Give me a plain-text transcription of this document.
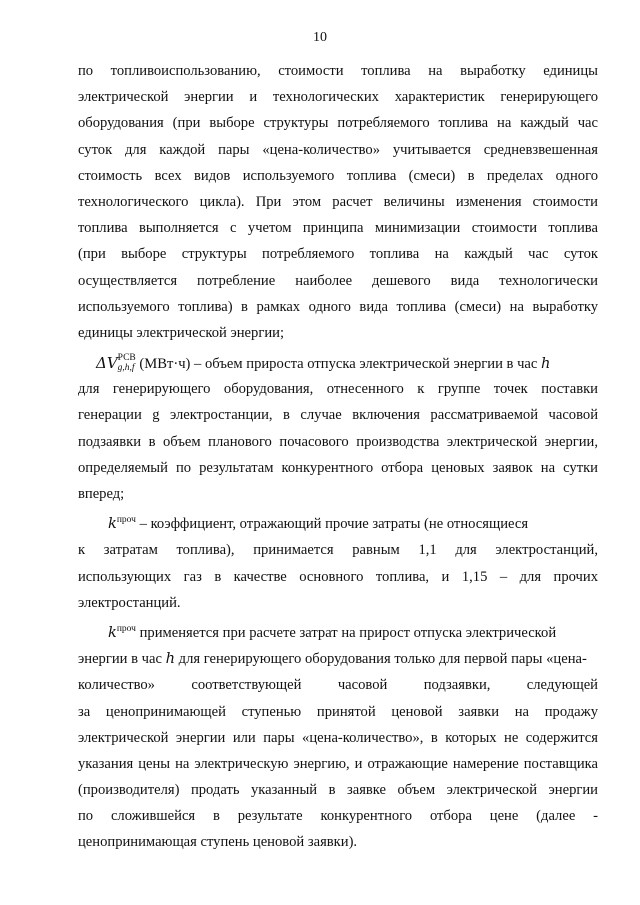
10
по топливоиспользованию, стоимости топлива на выработку единицы
электрической энергии и технологических характеристик генерирующего
оборудования (при выборе структуры потребляемого топлива на каждый час
суток для каждой пары «цена-количество» учитывается средневзвешенная
стоимость всех видов используемого топлива (смеси) в пределах одного
технологического цикла). При этом расчет величины изменения стоимости
топлива выполняется с учетом принципа минимизации стоимости топлива
(при выборе структуры потребляемого топлива на каждый час суток
осуществляется потребление наиболее дешевого вида технологически
используемого топлива) в рамках одного вида топлива (смеси) на выработку
единицы электрической энергии;
ΔV РСВ
g,h,f (МВт·ч) – объем прироста отпуска электрической энергии в час h
для генерирующего оборудования, отнесенного к группе точек поставки
генерации g электростанции, в случае включения рассматриваемой часовой
подзаявки в объем планового почасового производства электрической энергии,
определяемый по результатам конкурентного отбора ценовых заявок на сутки
вперед;
$k^{проч}$ – коэффициент, отражающий прочие затраты (не относящиеся
к затратам топлива), принимается равным 1,1 для электростанций,
использующих газ в качестве основного топлива, и 1,15 – для прочих
электростанций.
$k^{проч}$ применяется при расчете затрат на прирост отпуска электрической
энергии в час h для генерирующего оборудования только для первой пары «цена-
количество» соответствующей часовой подзаявки, следующей
за ценопринимающей ступенью принятой ценовой заявки на продажу
электрической энергии или пары «цена-количество», в которых не содержится
указания цены на электрическую энергию, и отражающие намерение поставщика
(производителя) продать указанный в заявке объем электрической энергии
по сложившейся в результате конкурентного отбора цене (далее -
ценопринимающая ступень ценовой заявки).
